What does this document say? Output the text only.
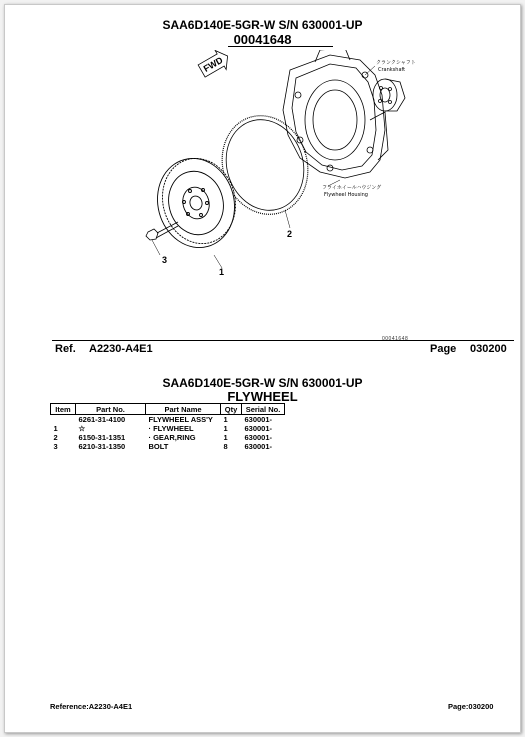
SAA6D140E-5GR-W S/N 630001-UP
00041648
FWD
1
2
3
クランクシャフト
Crankshaft
フライホイールハウジング
Flywheel Housing
00041648
Ref. A2230-A4E1	Page 030200
SAA6D140E-5GR-W S/N 630001-UP
FLYWHEEL
Item	Part No.	Part Name	Qty	Serial No.
	6261-31-4100	FLYWHEEL ASS'Y	1	630001-
1	☆	· FLYWHEEL	1	630001-
2	6150-31-1351	· GEAR,RING	1	630001-
3	6210-31-1350	BOLT	8	630001-
Reference:A2230-A4E1	Page:030200
